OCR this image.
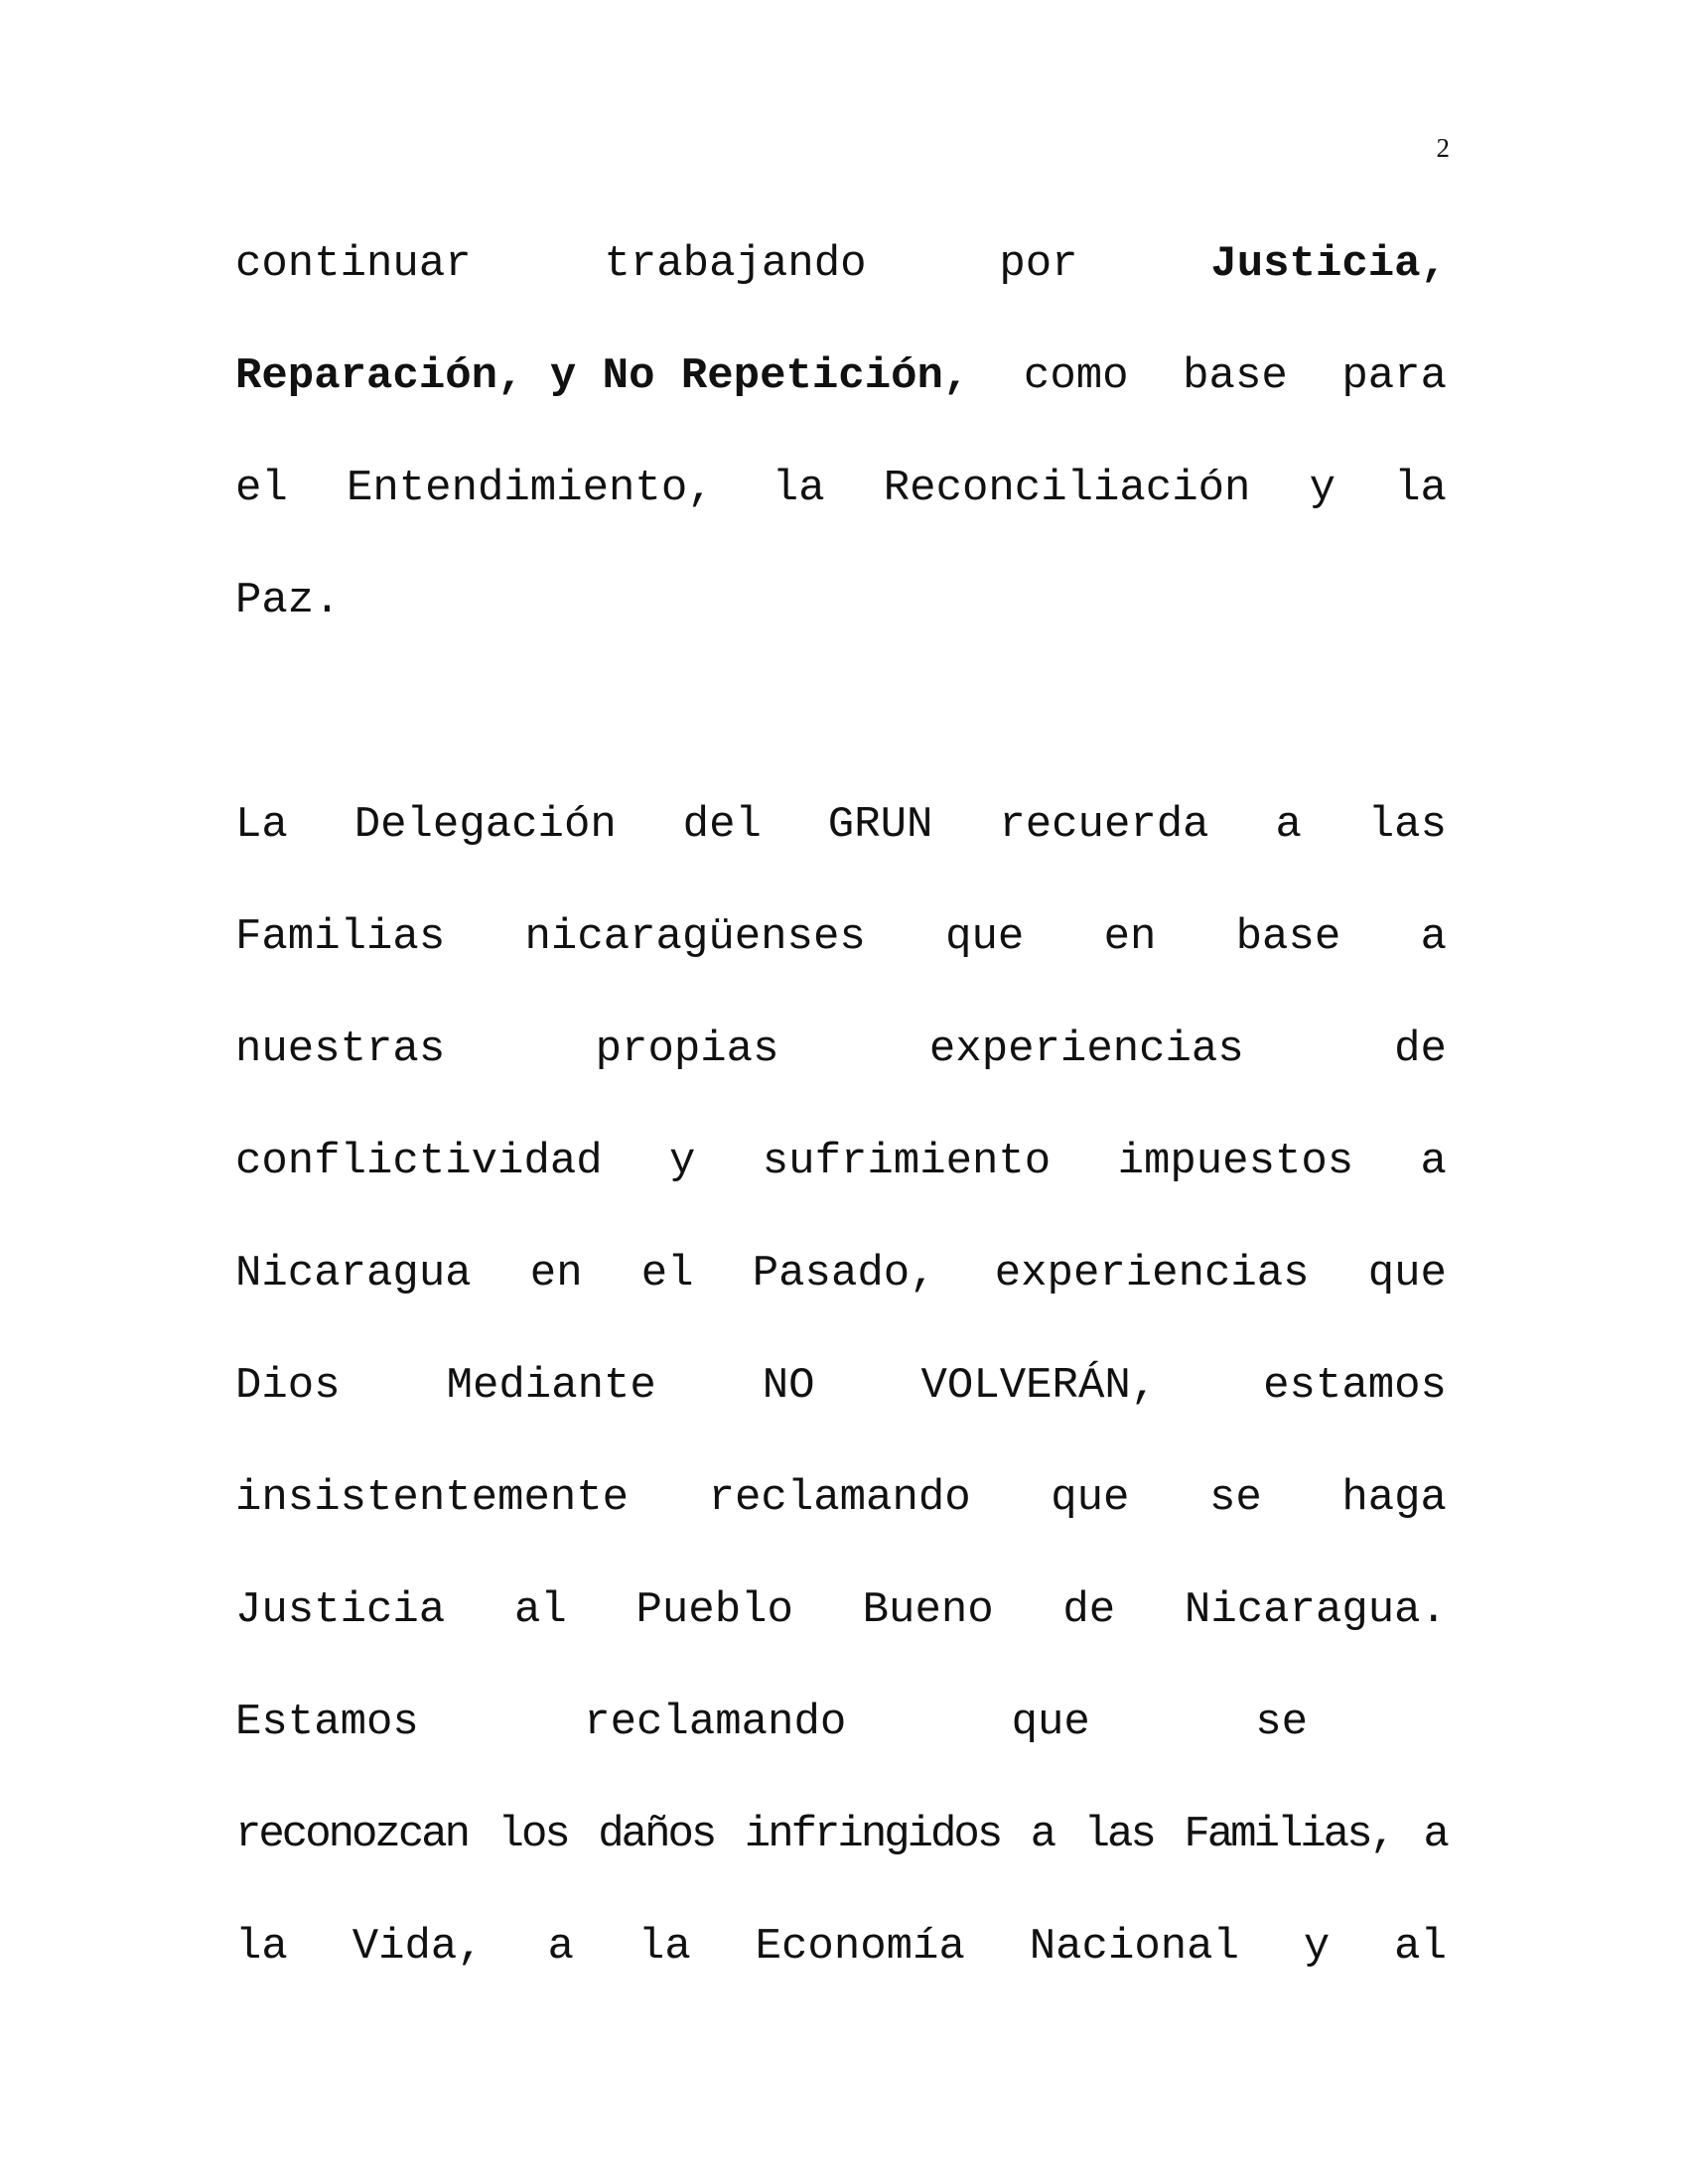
2
continuar	trabajando	por	Justicia,
Reparación, y No Repetición, como base para
el Entendimiento, la Reconciliación y la
Paz.
La Delegación del GRUN recuerda a las
Familias nicaragüenses que en base a
nuestras	propias	experiencias	de
conflictividad y sufrimiento impuestos a
Nicaragua en el Pasado, experiencias que
Dios Mediante NO VOLVERÁN, estamos
insistentemente reclamando que se haga
Justicia al Pueblo Bueno de Nicaragua.
Estamos	reclamando	que	se
reconozcan los daños infringidos a las Familias, a
la Vida, a la Economía Nacional y al
